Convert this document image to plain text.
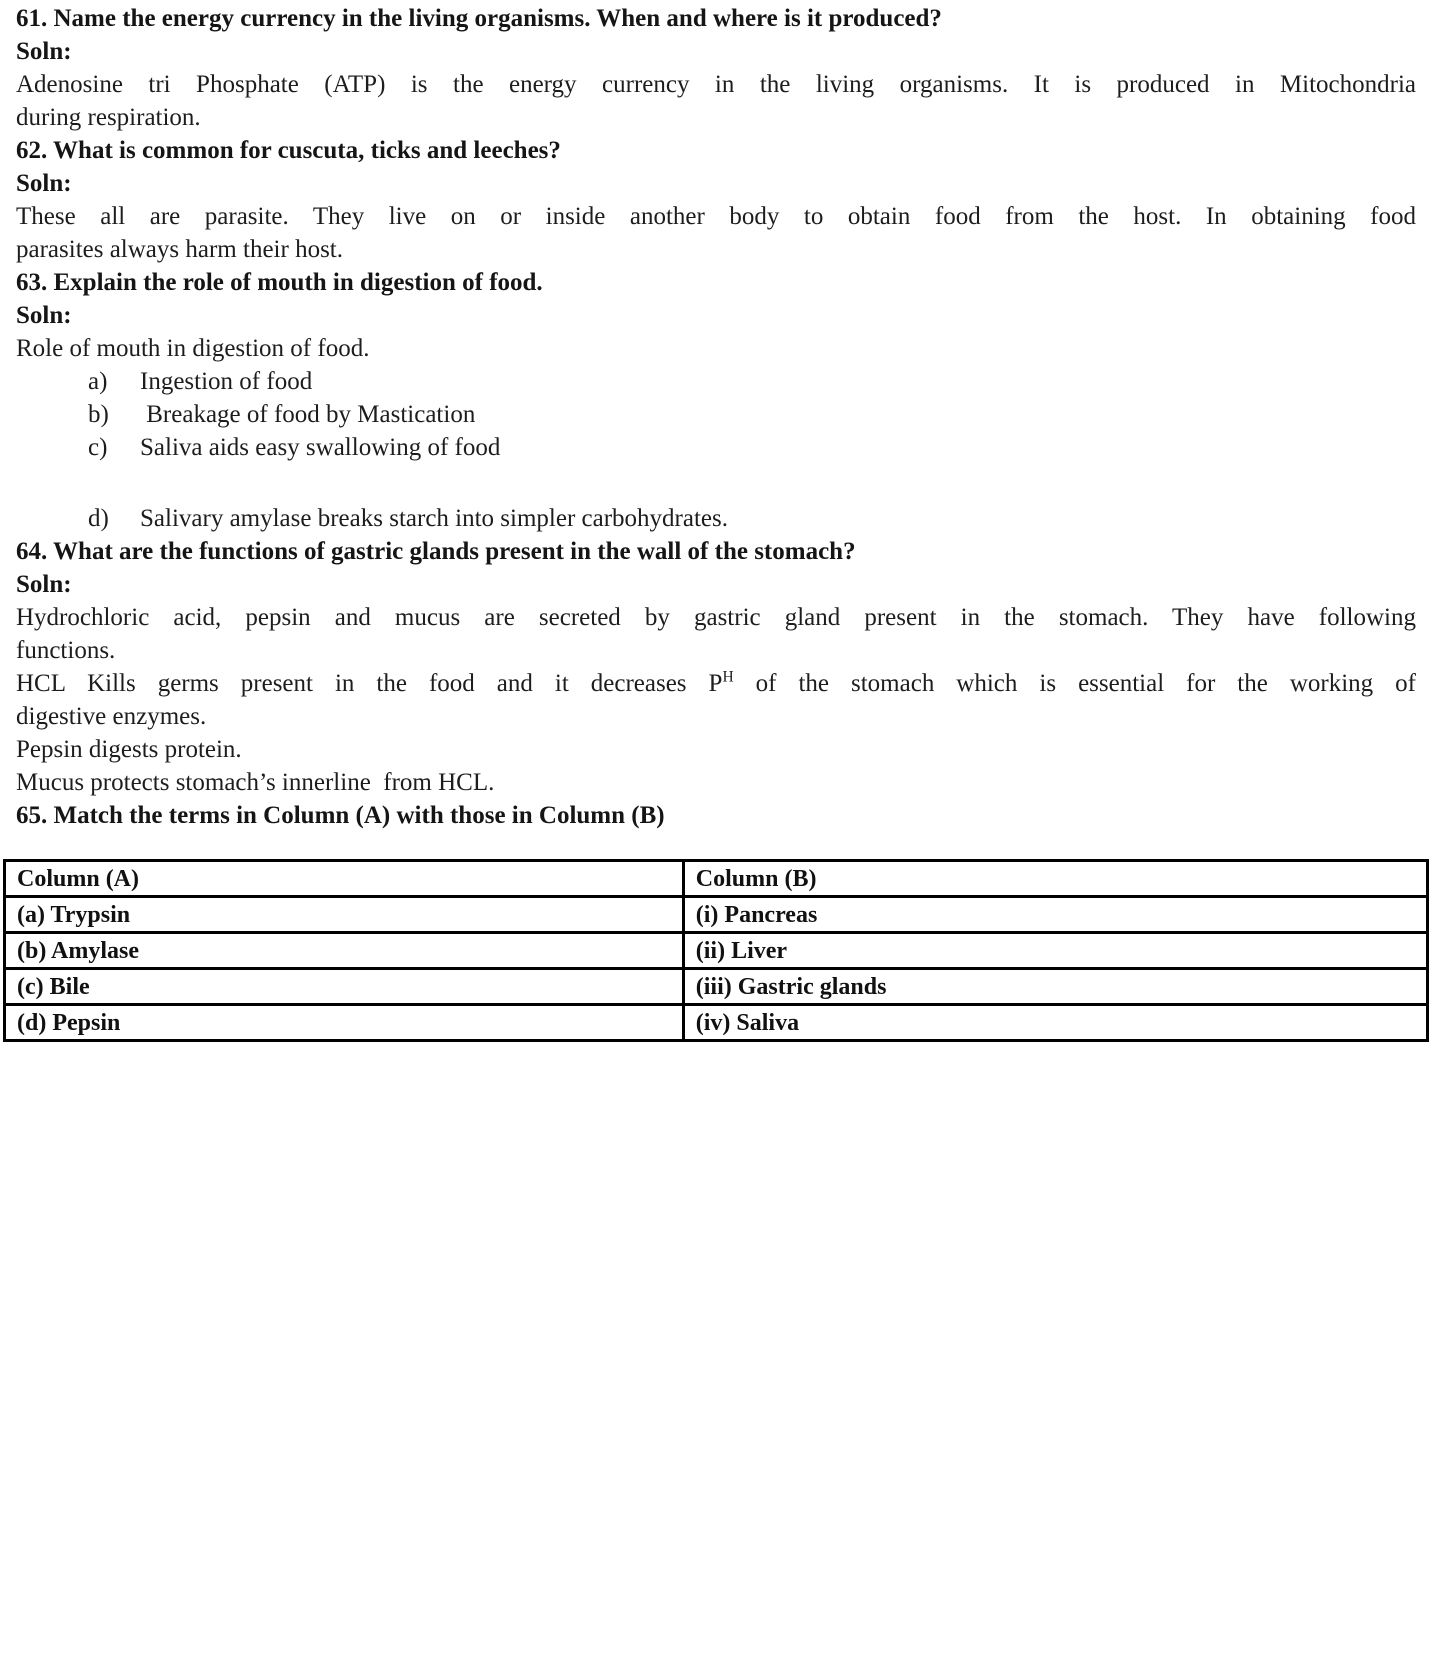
61. Name the energy currency in the living organisms. When and where is it produced?

Soln:

Adenosine tri Phosphate (ATP) is the energy currency in the living organisms. It is produced in Mitochondria
during respiration.
62. What is common for cuscuta, ticks and leeches?

Soln:

These all are parasite. They live on or inside another body to obtain food from the host. In obtaining food
parasites always harm their host.
63. Explain the role of mouth in digestion of food.

Soln:

Role of mouth in digestion of food.
a)	Ingestion of food
b)	Breakage of food by Mastication
c)	Saliva aids easy swallowing of food
d)	Salivary amylase breaks starch into simpler carbohydrates.
64. What are the functions of gastric glands present in the wall of the stomach?

Soln:

Hydrochloric acid, pepsin and mucus are secreted by gastric gland present in the stomach. They have following
functions.
HCL Kills germs present in the food and it decreases $P^H$ of the stomach which is essential for the working of
digestive enzymes.
Pepsin digests protein.
Mucus protects stomach’s innerline  from HCL.
65. Match the terms in Column (A) with those in Column (B)
Column (A)	Column (B)
(a) Trypsin	(i) Pancreas
(b) Amylase	(ii) Liver
(c) Bile	(iii) Gastric glands
(d) Pepsin	(iv) Saliva
